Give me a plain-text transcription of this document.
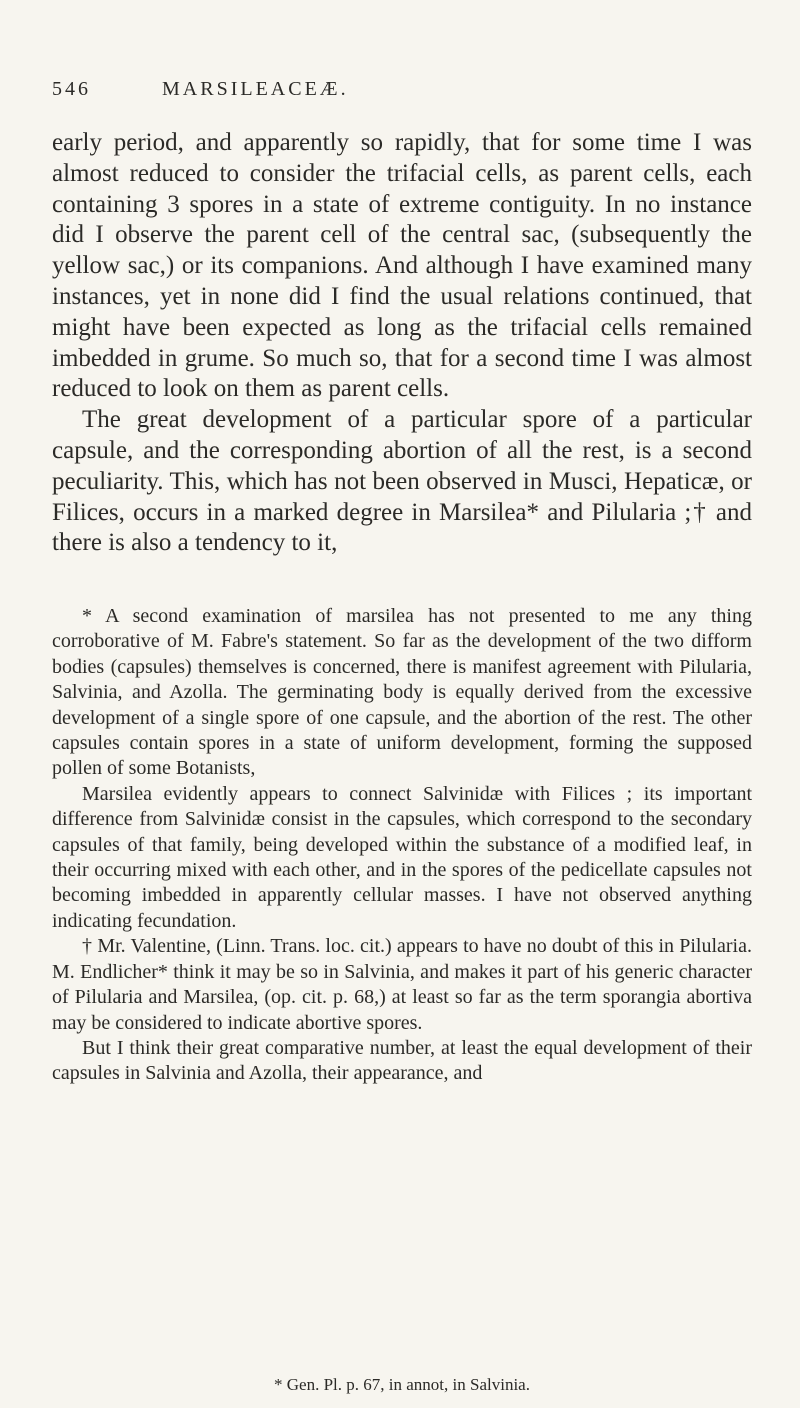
546	MARSILEACEÆ.

early period, and apparently so rapidly, that for some time I was almost reduced to consider the trifacial cells, as parent cells, each containing 3 spores in a state of extreme contiguity. In no instance did I observe the parent cell of the central sac, (subsequently the yellow sac,) or its companions. And although I have examined many instances, yet in none did I find the usual relations continued, that might have been expected as long as the trifacial cells remained imbedded in grume. So much so, that for a second time I was almost reduced to look on them as parent cells.

The great development of a particular spore of a particular capsule, and the corresponding abortion of all the rest, is a second peculiarity. This, which has not been observed in Musci, Hepaticæ, or Filices, occurs in a marked degree in Marsilea* and Pilularia ;† and there is also a tendency to it,

* A second examination of marsilea has not presented to me any thing corroborative of M. Fabre's statement. So far as the development of the two difform bodies (capsules) themselves is concerned, there is manifest agreement with Pilularia, Salvinia, and Azolla. The germinating body is equally derived from the excessive development of a single spore of one capsule, and the abortion of the rest. The other capsules contain spores in a state of uniform development, forming the supposed pollen of some Botanists,

Marsilea evidently appears to connect Salvinidæ with Filices ; its important difference from Salvinidæ consist in the capsules, which correspond to the secondary capsules of that family, being developed within the substance of a modified leaf, in their occurring mixed with each other, and in the spores of the pedicellate capsules not becoming imbedded in apparently cellular masses. I have not observed anything indicating fecundation.

† Mr. Valentine, (Linn. Trans. loc. cit.) appears to have no doubt of this in Pilularia. M. Endlicher* think it may be so in Salvinia, and makes it part of his generic character of Pilularia and Marsilea, (op. cit. p. 68,) at least so far as the term sporangia abortiva may be considered to indicate abortive spores.

But I think their great comparative number, at least the equal development of their capsules in Salvinia and Azolla, their appearance, and

* Gen. Pl. p. 67, in annot, in Salvinia.
